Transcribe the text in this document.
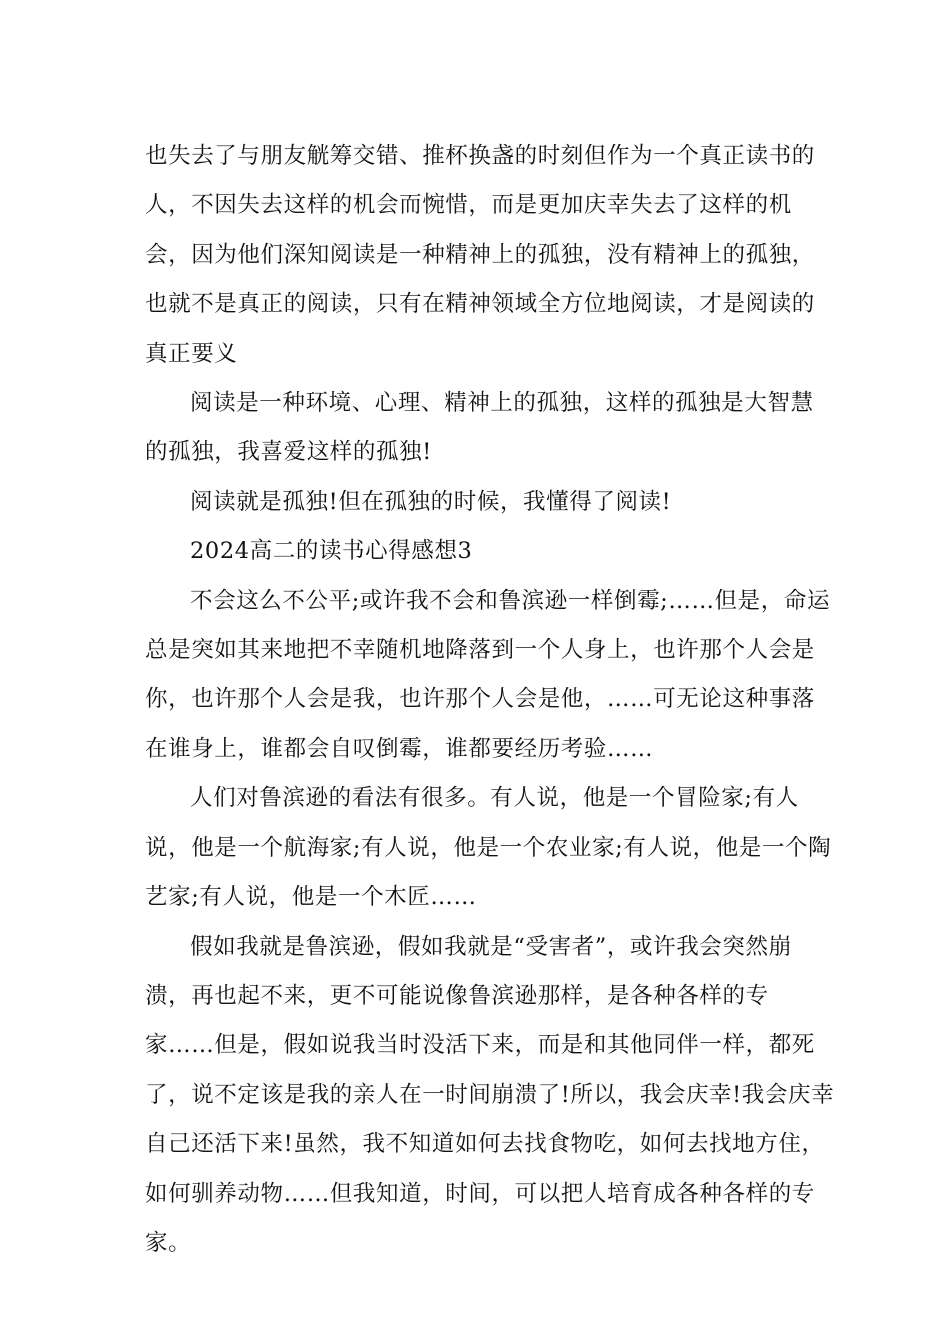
也失去了与朋友觥筹交错、推杯换盏的时刻但作为一个真正读书的人，不因失去这样的机会而惋惜，而是更加庆幸失去了这样的机会，因为他们深知阅读是一种精神上的孤独，没有精神上的孤独，也就不是真正的阅读，只有在精神领域全方位地阅读，才是阅读的真正要义

阅读是一种环境、心理、精神上的孤独，这样的孤独是大智慧的孤独，我喜爱这样的孤独!

阅读就是孤独!但在孤独的时候，我懂得了阅读!

2024高二的读书心得感想3

不会这么不公平;或许我不会和鲁滨逊一样倒霉;……但是，命运总是突如其来地把不幸随机地降落到一个人身上，也许那个人会是你，也许那个人会是我，也许那个人会是他，……可无论这种事落在谁身上，谁都会自叹倒霉，谁都要经历考验……

人们对鲁滨逊的看法有很多。有人说，他是一个冒险家;有人说，他是一个航海家;有人说，他是一个农业家;有人说，他是一个陶艺家;有人说，他是一个木匠……

假如我就是鲁滨逊，假如我就是“受害者”，或许我会突然崩溃，再也起不来，更不可能说像鲁滨逊那样，是各种各样的专家……但是，假如说我当时没活下来，而是和其他同伴一样，都死了，说不定该是我的亲人在一时间崩溃了!所以，我会庆幸!我会庆幸自己还活下来!虽然，我不知道如何去找食物吃，如何去找地方住，如何驯养动物……但我知道，时间，可以把人培育成各种各样的专家。
